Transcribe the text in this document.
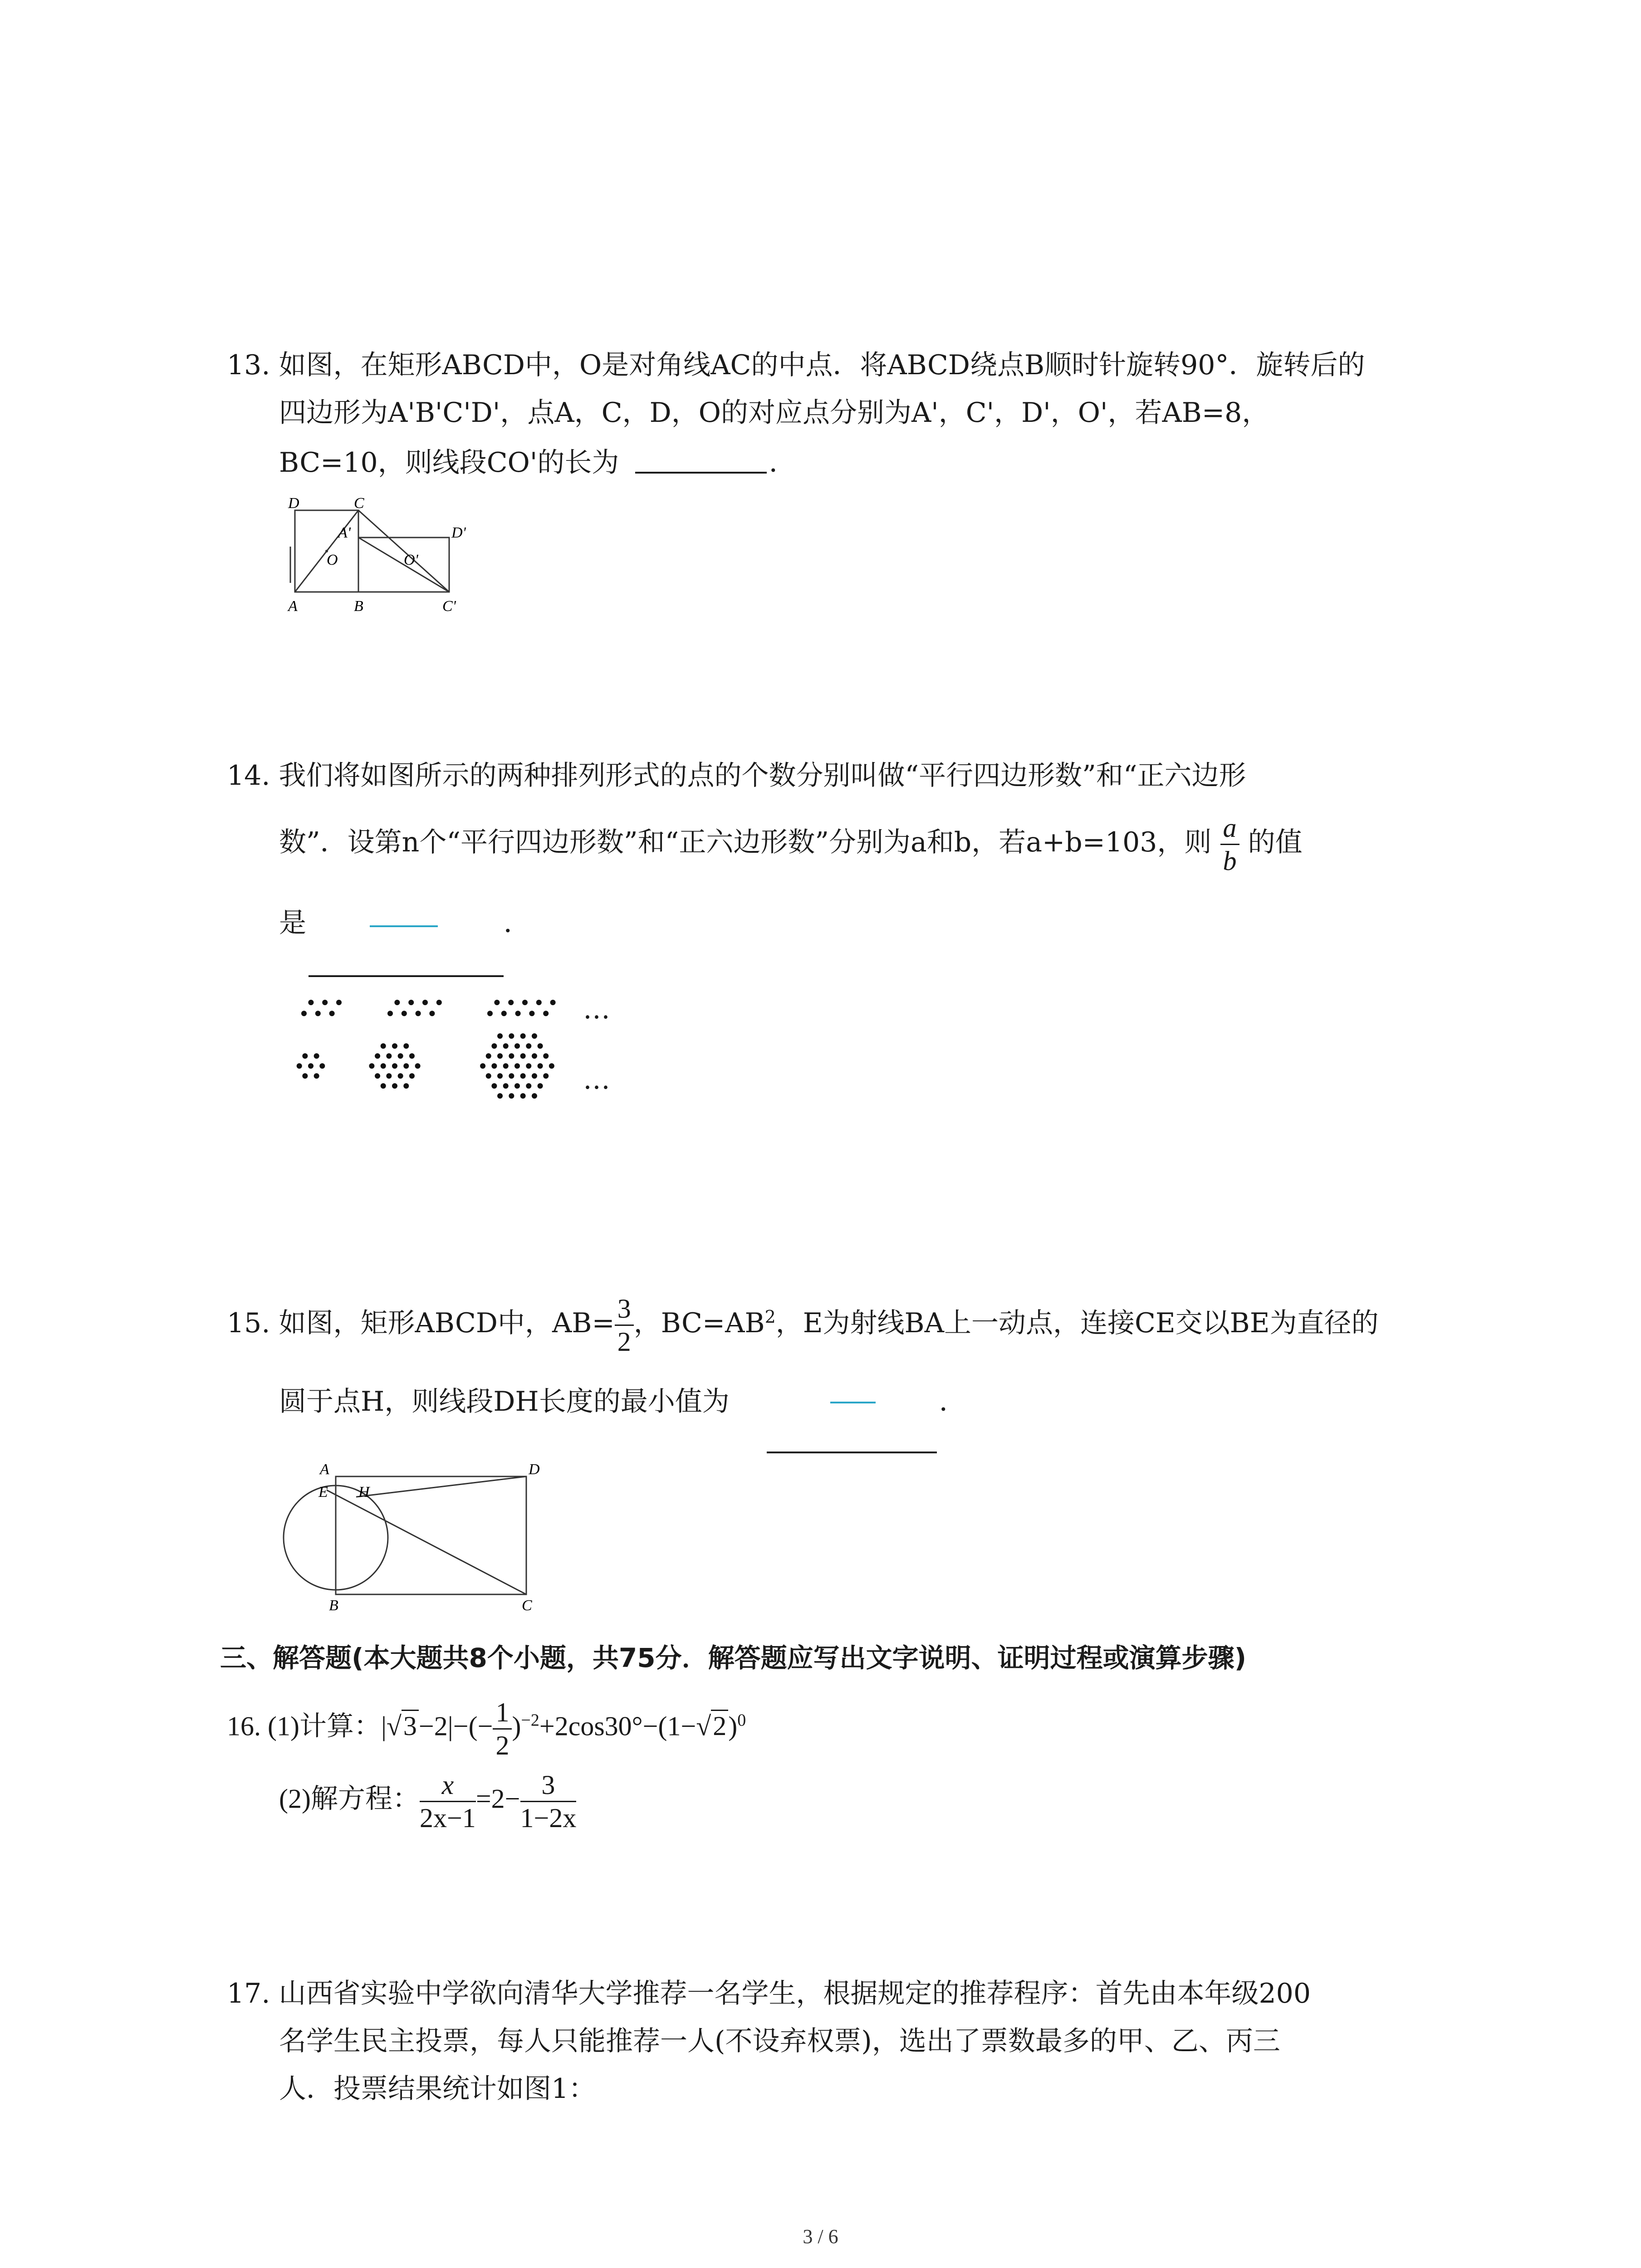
13. 如图，在矩形ABCD中，O是对角线AC的中点．将ABCD绕点B顺时针旋转90°．旋转后的
四边形为A'B'C'D'，点A，C，D，O的对应点分别为A'，C'，D'，O'，若AB=8，
BC=10，则线段CO'的长为	．
D	C
D'
A'
O	O'
A	B	C'
14. 我们将如图所示的两种排列形式的点的个数分别叫做“平行四边形数”和“正六边形
数”．设第n个“平行四边形数”和“正六边形数”分别为a和b，若a+b=103，则 $\frac{a}{b}$ 的值
是	．
…
…
15. 如图，矩形ABCD中，$AB= \frac{3}{2}$ ，$BC=AB^2$，E为射线BA上一动点，连接CE交以BE为直径的
圆于点H，则线段DH长度的最小值为	．
A	D
E H
B	C
三、解答题(本大题共8个小题，共75分．解答题应写出文字说明、证明过程或演算步骤)
16. (1)计算：$|√3-2|-(- \frac{1}{2} )^{-2}+2\cos 30^\circ-(1-√2)^0$
(2)解方程： $\frac{x}{2x-1} =2- \frac{3}{1-2x}$
17. 山西省实验中学欲向清华大学推荐一名学生，根据规定的推荐程序：首先由本年级200
名学生民主投票，每人只能推荐一人(不设弃权票)，选出了票数最多的甲、乙、丙三
人．投票结果统计如图1：
3 / 6
